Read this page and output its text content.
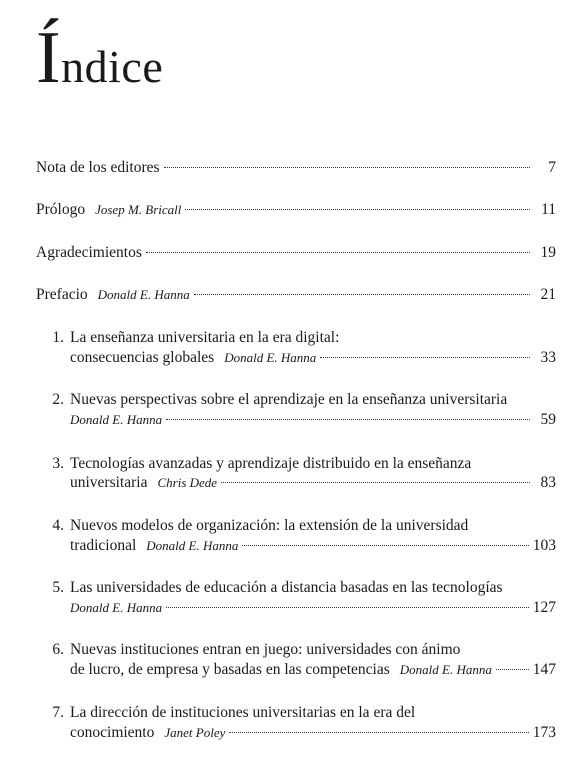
Índice
Nota de los editores	7
Prólogo Josep M. Bricall	11
Agradecimientos	19
Prefacio Donald E. Hanna	21
1. La enseñanza universitaria en la era digital:
consecuencias globales Donald E. Hanna	33
2. Nuevas perspectivas sobre el aprendizaje en la enseñanza universitaria
Donald E. Hanna	59
3. Tecnologías avanzadas y aprendizaje distribuido en la enseñanza
universitaria Chris Dede	83
4. Nuevos modelos de organización: la extensión de la universidad
tradicional Donald E. Hanna	103
5. Las universidades de educación a distancia basadas en las tecnologías
Donald E. Hanna	127
6. Nuevas instituciones entran en juego: universidades con ánimo
de lucro, de empresa y basadas en las competencias Donald E. Hanna	147
7. La dirección de instituciones universitarias en la era del
conocimiento Janet Poley	173
